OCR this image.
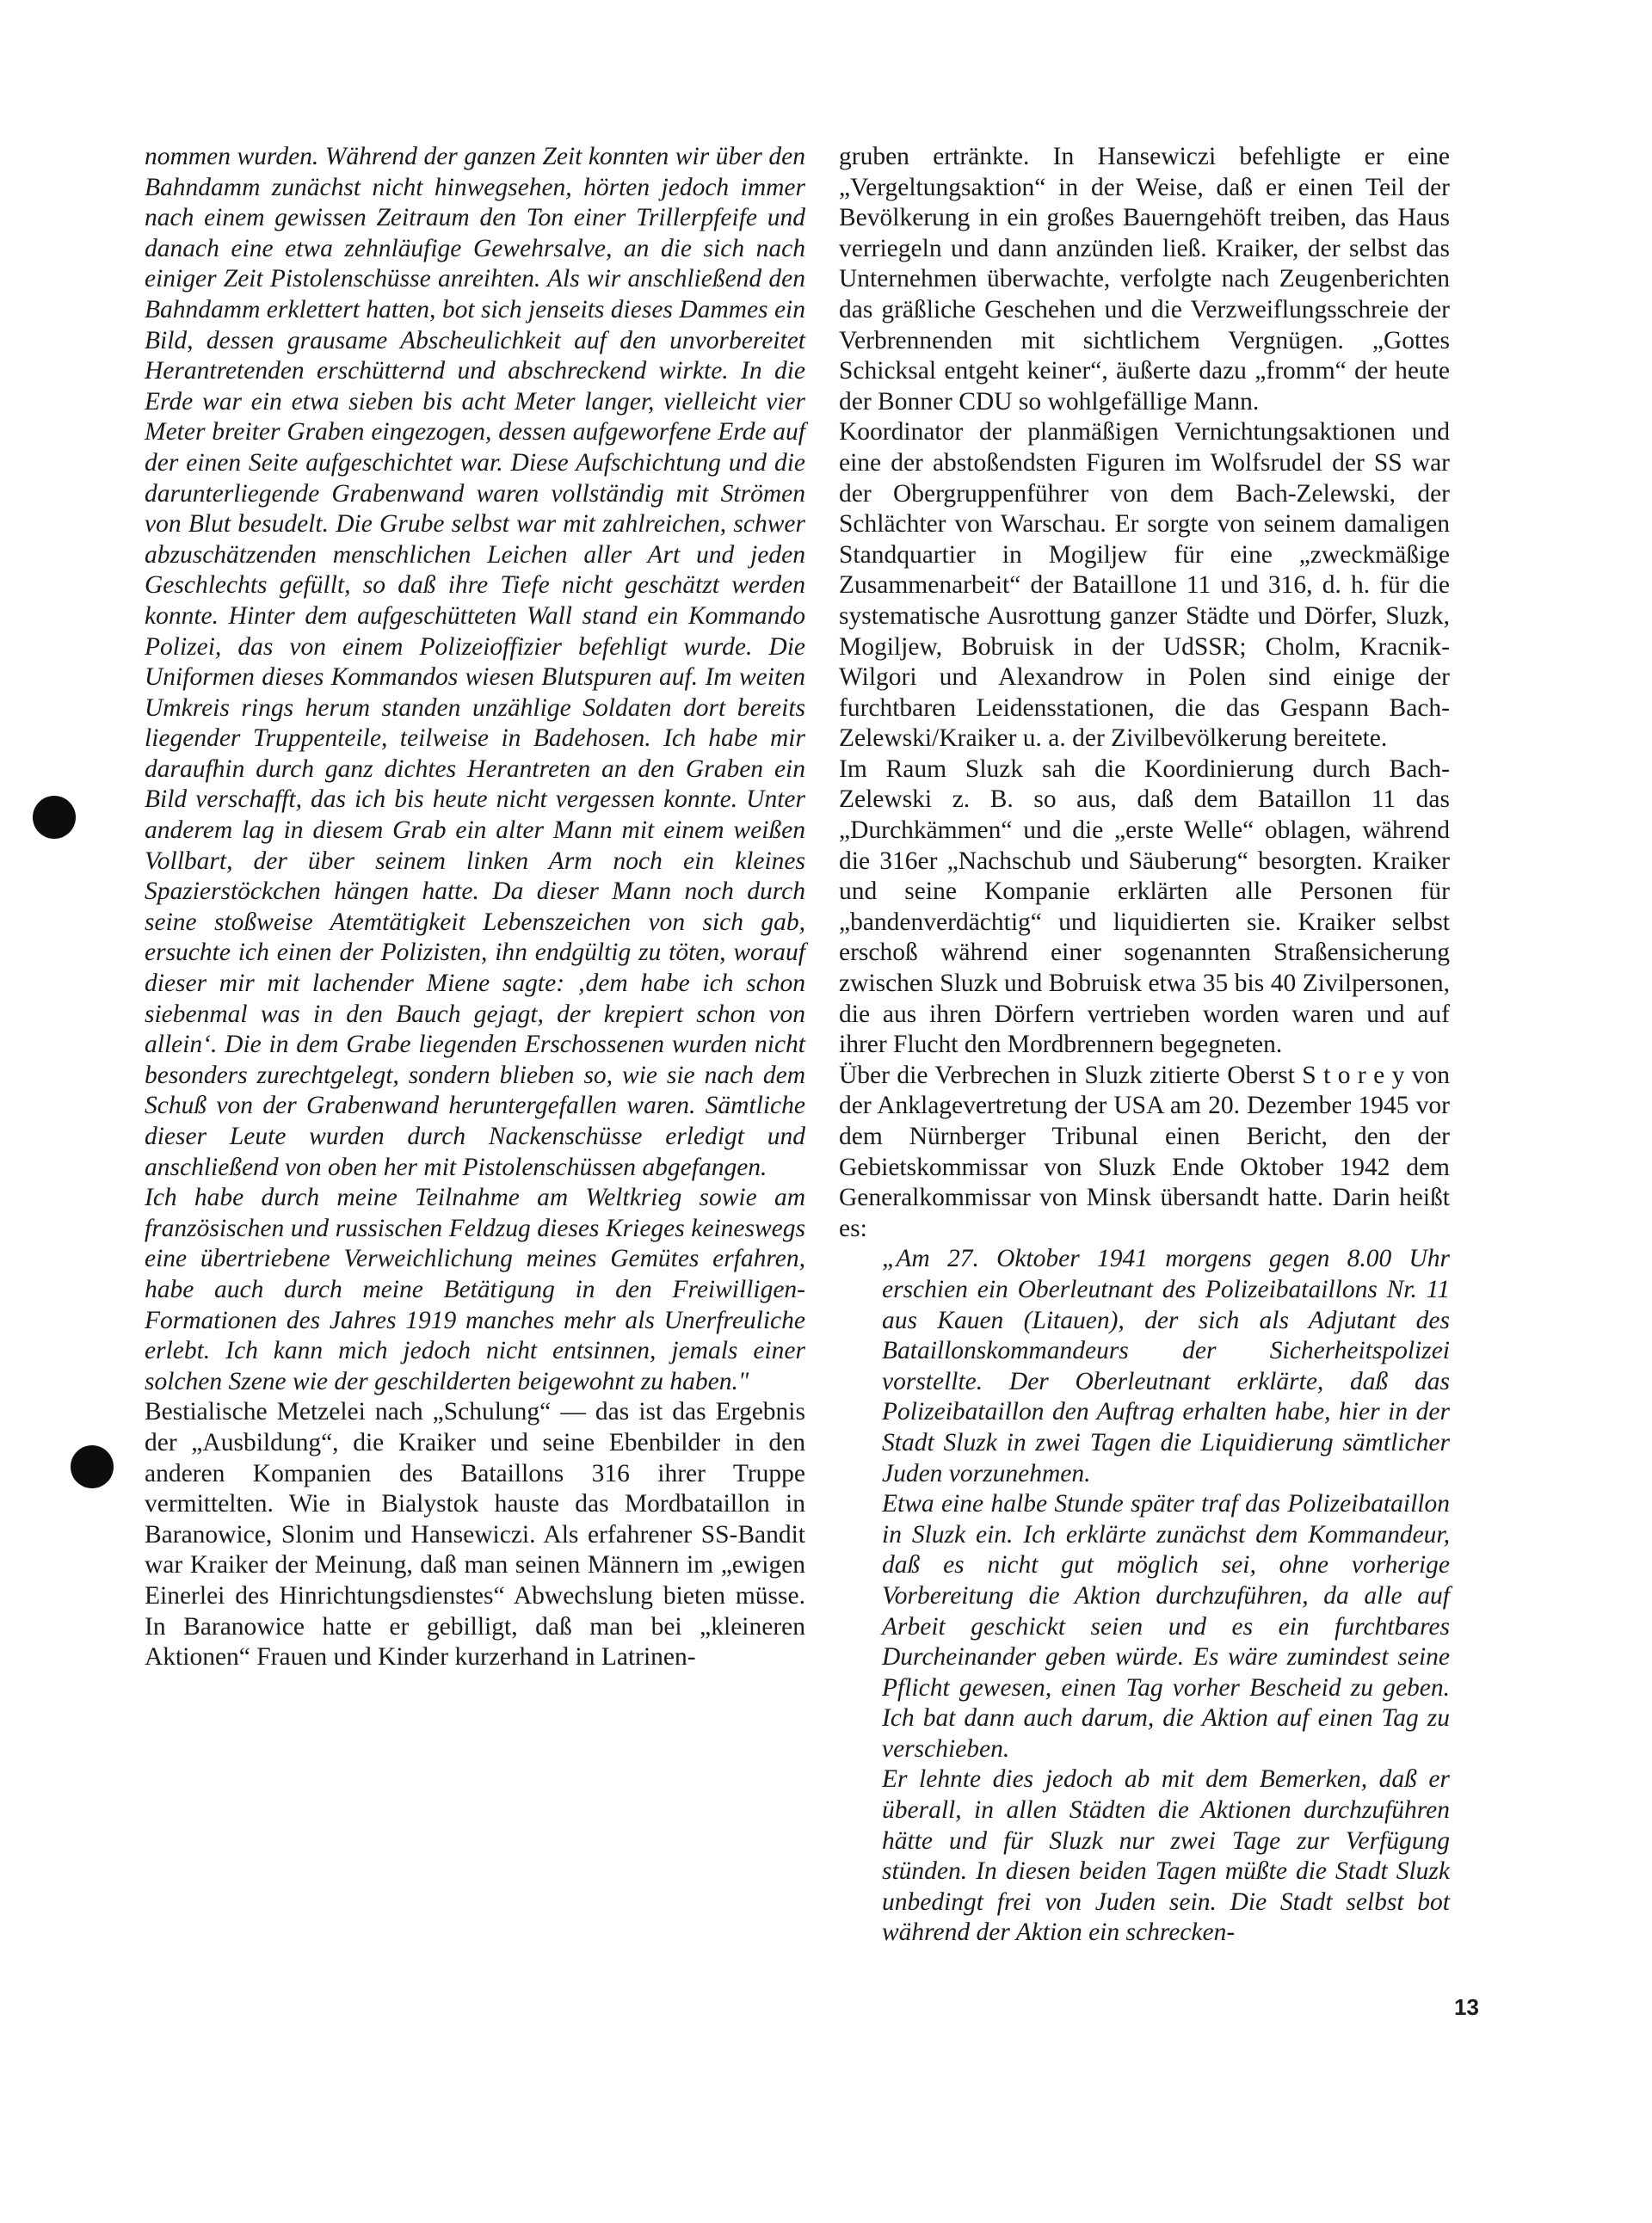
nommen wurden. Während der ganzen Zeit konnten wir über den Bahndamm zunächst nicht hinwegsehen, hörten jedoch immer nach einem gewissen Zeitraum den Ton einer Trillerpfeife und danach eine etwa zehnläufige Gewehrsalve, an die sich nach einiger Zeit Pistolenschüsse anreihten. Als wir anschließend den Bahndamm erklettert hatten, bot sich jenseits dieses Dammes ein Bild, dessen grausame Abscheulichkeit auf den unvorbereitet Herantretenden erschütternd und abschreckend wirkte. In die Erde war ein etwa sieben bis acht Meter langer, vielleicht vier Meter breiter Graben eingezogen, dessen aufgeworfene Erde auf der einen Seite aufgeschichtet war. Diese Aufschichtung und die darunterliegende Grabenwand waren vollständig mit Strömen von Blut besudelt. Die Grube selbst war mit zahlreichen, schwer abzuschätzenden menschlichen Leichen aller Art und jeden Geschlechts gefüllt, so daß ihre Tiefe nicht geschätzt werden konnte. Hinter dem aufgeschütteten Wall stand ein Kommando Polizei, das von einem Polizeioffizier befehligt wurde. Die Uniformen dieses Kommandos wiesen Blutspuren auf. Im weiten Umkreis rings herum standen unzählige Soldaten dort bereits liegender Truppenteile, teilweise in Badehosen. Ich habe mir daraufhin durch ganz dichtes Herantreten an den Graben ein Bild verschafft, das ich bis heute nicht vergessen konnte. Unter anderem lag in diesem Grab ein alter Mann mit einem weißen Vollbart, der über seinem linken Arm noch ein kleines Spazierstöckchen hängen hatte. Da dieser Mann noch durch seine stoßweise Atemtätigkeit Lebenszeichen von sich gab, ersuchte ich einen der Polizisten, ihn endgültig zu töten, worauf dieser mir mit lachender Miene sagte: ‚dem habe ich schon siebenmal was in den Bauch gejagt, der krepiert schon von allein‘. Die in dem Grabe liegenden Erschossenen wurden nicht besonders zurechtgelegt, sondern blieben so, wie sie nach dem Schuß von der Grabenwand heruntergefallen waren. Sämtliche dieser Leute wurden durch Nackenschüsse erledigt und anschließend von oben her mit Pistolenschüssen abgefangen.

Ich habe durch meine Teilnahme am Weltkrieg sowie am französischen und russischen Feldzug dieses Krieges keineswegs eine übertriebene Verweichlichung meines Gemütes erfahren, habe auch durch meine Betätigung in den Freiwilligen-Formationen des Jahres 1919 manches mehr als Unerfreuliche erlebt. Ich kann mich jedoch nicht entsinnen, jemals einer solchen Szene wie der geschilderten beigewohnt zu haben."

Bestialische Metzelei nach „Schulung“ — das ist das Ergebnis der „Ausbildung“, die Kraiker und seine Ebenbilder in den anderen Kompanien des Bataillons 316 ihrer Truppe vermittelten. Wie in Bialystok hauste das Mordbataillon in Baranowice, Slonim und Hansewiczi. Als erfahrener SS-Bandit war Kraiker der Meinung, daß man seinen Männern im „ewigen Einerlei des Hinrichtungsdienstes“ Abwechslung bieten müsse. In Baranowice hatte er gebilligt, daß man bei „kleineren Aktionen“ Frauen und Kinder kurzerhand in Latrinen-

gruben ertränkte. In Hansewiczi befehligte er eine „Vergeltungsaktion“ in der Weise, daß er einen Teil der Bevölkerung in ein großes Bauerngehöft treiben, das Haus verriegeln und dann anzünden ließ. Kraiker, der selbst das Unternehmen überwachte, verfolgte nach Zeugenberichten das gräßliche Geschehen und die Verzweiflungsschreie der Verbrennenden mit sichtlichem Vergnügen. „Gottes Schicksal entgeht keiner“, äußerte dazu „fromm“ der heute der Bonner CDU so wohlgefällige Mann.

Koordinator der planmäßigen Vernichtungsaktionen und eine der abstoßendsten Figuren im Wolfsrudel der SS war der Obergruppenführer von dem Bach-Zelewski, der Schlächter von Warschau. Er sorgte von seinem damaligen Standquartier in Mogiljew für eine „zweckmäßige Zusammenarbeit“ der Bataillone 11 und 316, d. h. für die systematische Ausrottung ganzer Städte und Dörfer, Sluzk, Mogiljew, Bobruisk in der UdSSR; Cholm, Kracnik-Wilgori und Alexandrow in Polen sind einige der furchtbaren Leidensstationen, die das Gespann Bach-Zelewski/Kraiker u. a. der Zivilbevölkerung bereitete.

Im Raum Sluzk sah die Koordinierung durch Bach-Zelewski z. B. so aus, daß dem Bataillon 11 das „Durchkämmen“ und die „erste Welle“ oblagen, während die 316er „Nachschub und Säuberung“ besorgten. Kraiker und seine Kompanie erklärten alle Personen für „bandenverdächtig“ und liquidierten sie. Kraiker selbst erschoß während einer sogenannten Straßensicherung zwischen Sluzk und Bobruisk etwa 35 bis 40 Zivilpersonen, die aus ihren Dörfern vertrieben worden waren und auf ihrer Flucht den Mordbrennern begegneten.

Über die Verbrechen in Sluzk zitierte Oberst S t o r e y von der Anklagevertretung der USA am 20. Dezember 1945 vor dem Nürnberger Tribunal einen Bericht, den der Gebietskommissar von Sluzk Ende Oktober 1942 dem Generalkommissar von Minsk übersandt hatte. Darin heißt es:

„Am 27. Oktober 1941 morgens gegen 8.00 Uhr erschien ein Oberleutnant des Polizeibataillons Nr. 11 aus Kauen (Litauen), der sich als Adjutant des Bataillonskommandeurs der Sicherheitspolizei vorstellte. Der Oberleutnant erklärte, daß das Polizeibataillon den Auftrag erhalten habe, hier in der Stadt Sluzk in zwei Tagen die Liquidierung sämtlicher Juden vorzunehmen.

Etwa eine halbe Stunde später traf das Polizeibataillon in Sluzk ein. Ich erklärte zunächst dem Kommandeur, daß es nicht gut möglich sei, ohne vorherige Vorbereitung die Aktion durchzuführen, da alle auf Arbeit geschickt seien und es ein furchtbares Durcheinander geben würde. Es wäre zumindest seine Pflicht gewesen, einen Tag vorher Bescheid zu geben. Ich bat dann auch darum, die Aktion auf einen Tag zu verschieben.

Er lehnte dies jedoch ab mit dem Bemerken, daß er überall, in allen Städten die Aktionen durchzuführen hätte und für Sluzk nur zwei Tage zur Verfügung stünden. In diesen beiden Tagen müßte die Stadt Sluzk unbedingt frei von Juden sein. Die Stadt selbst bot während der Aktion ein schrecken-

13
